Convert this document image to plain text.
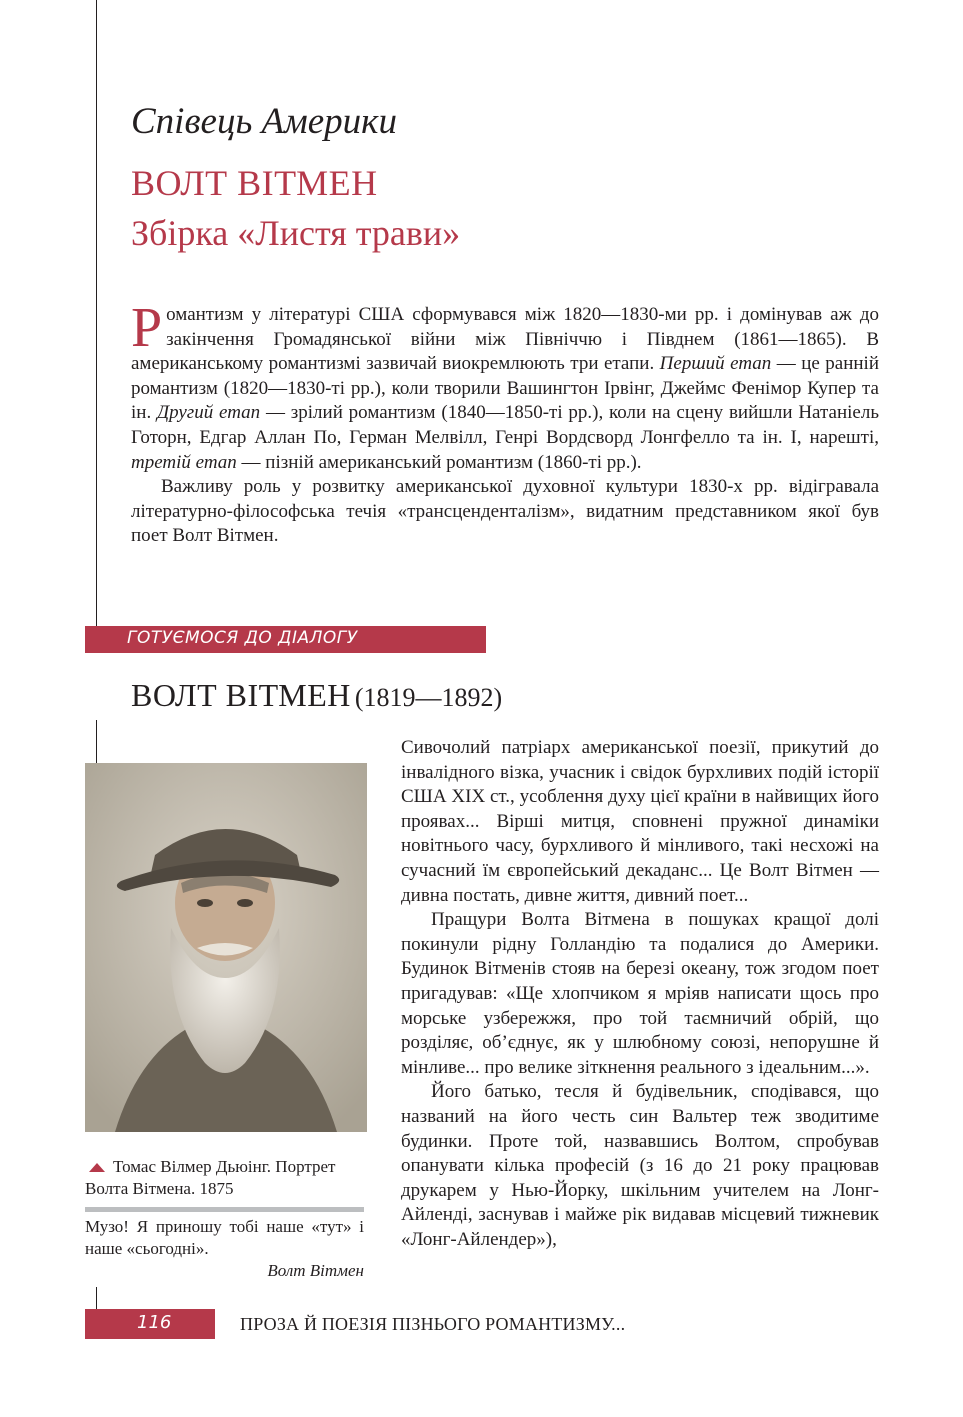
Співець Америки
ВОЛТ ВІТМЕН
Збірка «Листя трави»

Романтизм у літературі США сформувався між 1820—1830-ми рр. і домінував аж до закінчення Громадянської війни між Північчю і Півднем (1861—1865). В американському романтизмі зазвичай виокремлюють три етапи. Перший етап — це ранній романтизм (1820—1830-ті рр.), коли творили Вашингтон Ірвінг, Джеймс Фенімор Купер та ін. Другий етап — зрілий романтизм (1840—1850-ті рр.), коли на сцену вийшли Натаніель Готорн, Едгар Аллан По, Герман Мелвілл, Генрі Вордсворд Лонгфелло та ін. І, нарешті, третій етап — пізній американський романтизм (1860-ті рр.).

Важливу роль у розвитку американської духовної культури 1830-х рр. відігравала літературно-філософська течія «трансценденталізм», видатним представником якої був поет Волт Вітмен.

ГОТУЄМОСЯ ДО ДІАЛОГУ
ВОЛТ ВІТМЕН (1819—1892)
Томас Вілмер Дьюінг. Портрет Волта Вітмена. 1875
Музо! Я приношу тобі наше «тут» і наше «сьогодні».
Волт Вітмен

Сивочолий патріарх американської поезії, прикутий до інвалідного візка, учасник і свідок бурхливих подій історії США XIX ст., усоблення духу цієї країни в найвищих його проявах... Вірші митця, сповнені пружної динаміки новітнього часу, бурхливого й мінливого, такі несхожі на сучасний їм європейський декаданс... Це Волт Вітмен — дивна постать, дивне життя, дивний поет...

Пращури Волта Вітмена в пошуках кращої долі покинули рідну Голландію та подалися до Америки. Будинок Вітменів стояв на березі океану, тож згодом поет пригадував: «Ще хлопчиком я мріяв написати щось про морське узбережжя, про той таємничий обрій, що розділяє, об’єднує, як у шлюбному союзі, непорушне й мінливе... про велике зіткнення реального з ідеальним...».

Його батько, тесля й будівельник, сподівався, що названий на його честь син Вальтер теж зводитиме будинки. Проте той, назвавшись Волтом, спробував опанувати кілька професій (з 16 до 21 року працював друкарем у Нью-Йорку, шкільним учителем на Лонг-Айленді, заснував і майже рік видавав місцевий тижневик «Лонг-Айлендер»),

116	ПРОЗА Й ПОЕЗІЯ ПІЗНЬОГО РОМАНТИЗМУ...
